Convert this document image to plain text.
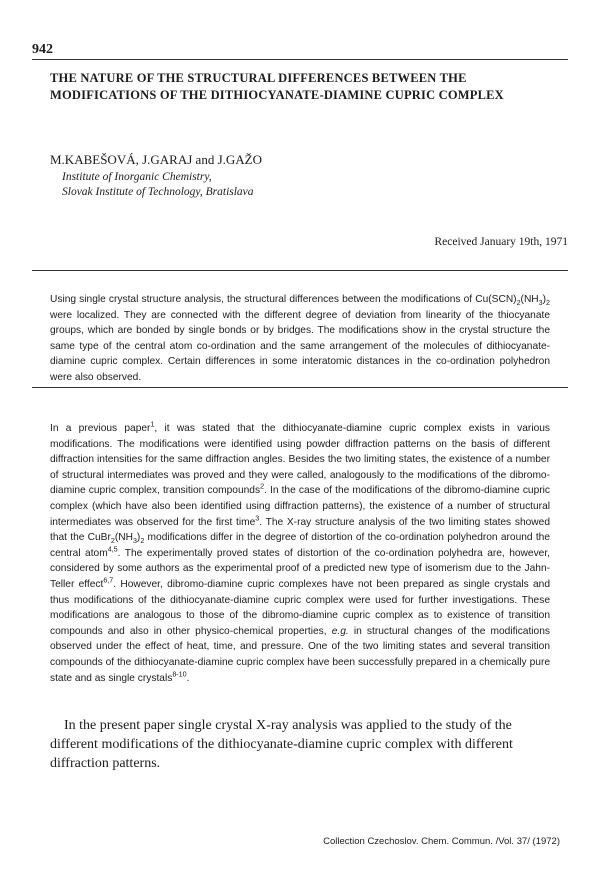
942
THE NATURE OF THE STRUCTURAL DIFFERENCES BETWEEN THE MODIFICATIONS OF THE DITHIOCYANATE-DIAMINE CUPRIC COMPLEX
M.KABEŠOVÁ, J.GARAJ and J.GAŽO
Institute of Inorganic Chemistry,
Slovak Institute of Technology, Bratislava
Received January 19th, 1971
Using single crystal structure analysis, the structural differences between the modifications of $Cu(SCN)_2(NH_3)_2$ were localized. They are connected with the different degree of deviation from linearity of the thiocyanate groups, which are bonded by single bonds or by bridges. The modifications show in the crystal structure the same type of the central atom co-ordination and the same arrangement of the molecules of dithiocyanate-diamine cupric complex. Certain differences in some interatomic distances in the co-ordination polyhedron were also observed.
In a previous paper$^1$, it was stated that the dithiocyanate-diamine cupric complex exists in various modifications. The modifications were identified using powder diffraction patterns on the basis of different diffraction intensities for the same diffraction angles. Besides the two limiting states, the existence of a number of structural intermediates was proved and they were called, analogously to the modifications of the dibromo-diamine cupric complex, transition compounds$^2$. In the case of the modifications of the dibromo-diamine cupric complex (which have also been identified using diffraction patterns), the existence of a number of structural intermediates was observed for the first time$^3$. The X-ray structure analysis of the two limiting states showed that the $CuBr_2(NH_3)_2$ modifications differ in the degree of distortion of the co-ordination polyhedron around the central atom$^{4,5}$. The experimentally proved states of distortion of the co-ordination polyhedra are, however, considered by some authors as the experimental proof of a predicted new type of isomerism due to the Jahn-Teller effect$^{6,7}$. However, dibromo-diamine cupric complexes have not been prepared as single crystals and thus modifications of the dithiocyanate-diamine cupric complex were used for further investigations. These modifications are analogous to those of the dibromo-diamine cupric complex as to existence of transition compounds and also in other physico-chemical properties, e.g. in structural changes of the modifications observed under the effect of heat, time, and pressure. One of the two limiting states and several transition compounds of the dithiocyanate-diamine cupric complex have been successfully prepared in a chemically pure state and as single crystals$^{8-10}$.
In the present paper single crystal X-ray analysis was applied to the study of the different modifications of the dithiocyanate-diamine cupric complex with different diffraction patterns.
Collection Czechoslov. Chem. Commun. /Vol. 37/ (1972)
